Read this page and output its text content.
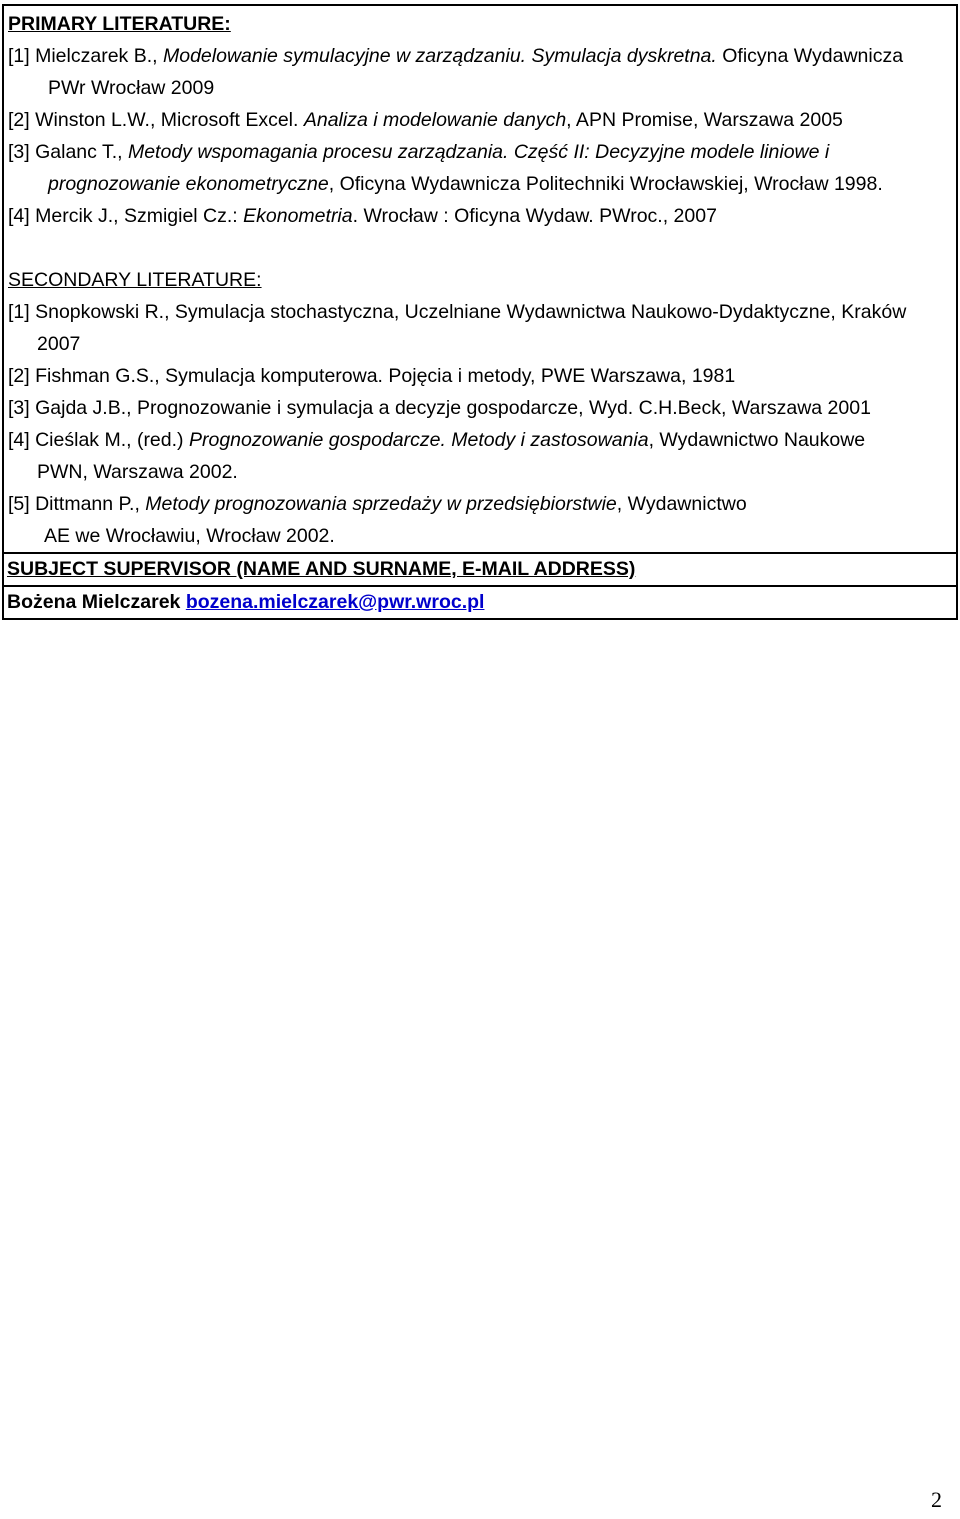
PRIMARY LITERATURE:
[1] Mielczarek B., Modelowanie symulacyjne w zarządzaniu. Symulacja dyskretna. Oficyna Wydawnicza
PWr Wrocław 2009
[2] Winston L.W., Microsoft Excel. Analiza i modelowanie danych, APN Promise, Warszawa 2005
[3] Galanc T., Metody wspomagania procesu zarządzania. Część II: Decyzyjne modele liniowe i
prognozowanie ekonometryczne, Oficyna Wydawnicza Politechniki Wrocławskiej, Wrocław 1998.
[4] Mercik J., Szmigiel Cz.: Ekonometria. Wrocław : Oficyna Wydaw. PWroc., 2007
SECONDARY LITERATURE:
[1] Snopkowski R., Symulacja stochastyczna, Uczelniane Wydawnictwa Naukowo-Dydaktyczne, Kraków
2007
[2] Fishman G.S., Symulacja komputerowa. Pojęcia i metody, PWE Warszawa, 1981
[3] Gajda J.B., Prognozowanie i symulacja a decyzje gospodarcze, Wyd. C.H.Beck, Warszawa 2001
[4] Cieślak M., (red.) Prognozowanie gospodarcze. Metody i zastosowania, Wydawnictwo Naukowe
PWN, Warszawa 2002.
[5] Dittmann P., Metody prognozowania sprzedaży w przedsiębiorstwie, Wydawnictwo
AE we Wrocławiu, Wrocław 2002.
SUBJECT SUPERVISOR (NAME AND SURNAME, E-MAIL ADDRESS)
Bożena Mielczarek bozena.mielczarek@pwr.wroc.pl
2
